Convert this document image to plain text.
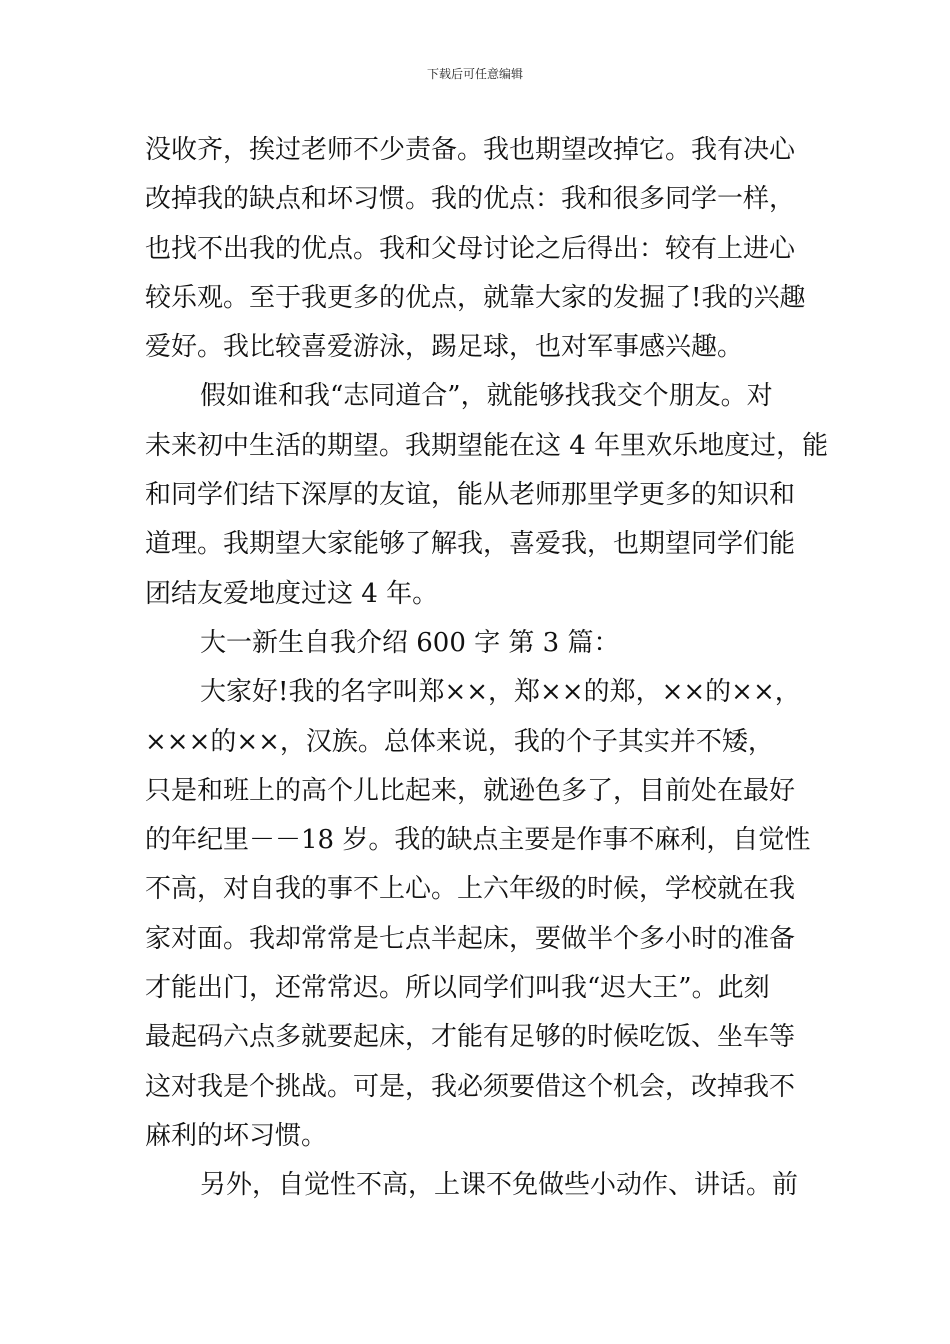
下载后可任意编辑
没收齐，挨过老师不少责备。我也期望改掉它。我有决心
改掉我的缺点和坏习惯。我的优点：我和很多同学一样，
也找不出我的优点。我和父母讨论之后得出：较有上进心
较乐观。至于我更多的优点，就靠大家的发掘了!我的兴趣
爱好。我比较喜爱游泳，踢足球，也对军事感兴趣。
假如谁和我“志同道合”，就能够找我交个朋友。对
未来初中生活的期望。我期望能在这 4 年里欢乐地度过，能
和同学们结下深厚的友谊，能从老师那里学更多的知识和
道理。我期望大家能够了解我，喜爱我，也期望同学们能
团结友爱地度过这 4 年。
大一新生自我介绍 600 字 第 3 篇：
大家好!我的名字叫郑××，郑××的郑，××的××，
×××的××，汉族。总体来说，我的个子其实并不矮，
只是和班上的高个儿比起来，就逊色多了，目前处在最好
的年纪里－－18 岁。我的缺点主要是作事不麻利，自觉性
不高，对自我的事不上心。上六年级的时候，学校就在我
家对面。我却常常是七点半起床，要做半个多小时的准备
才能出门，还常常迟。所以同学们叫我“迟大王”。此刻
最起码六点多就要起床，才能有足够的时候吃饭、坐车等
这对我是个挑战。可是，我必须要借这个机会，改掉我不
麻利的坏习惯。
另外，自觉性不高，上课不免做些小动作、讲话。前
